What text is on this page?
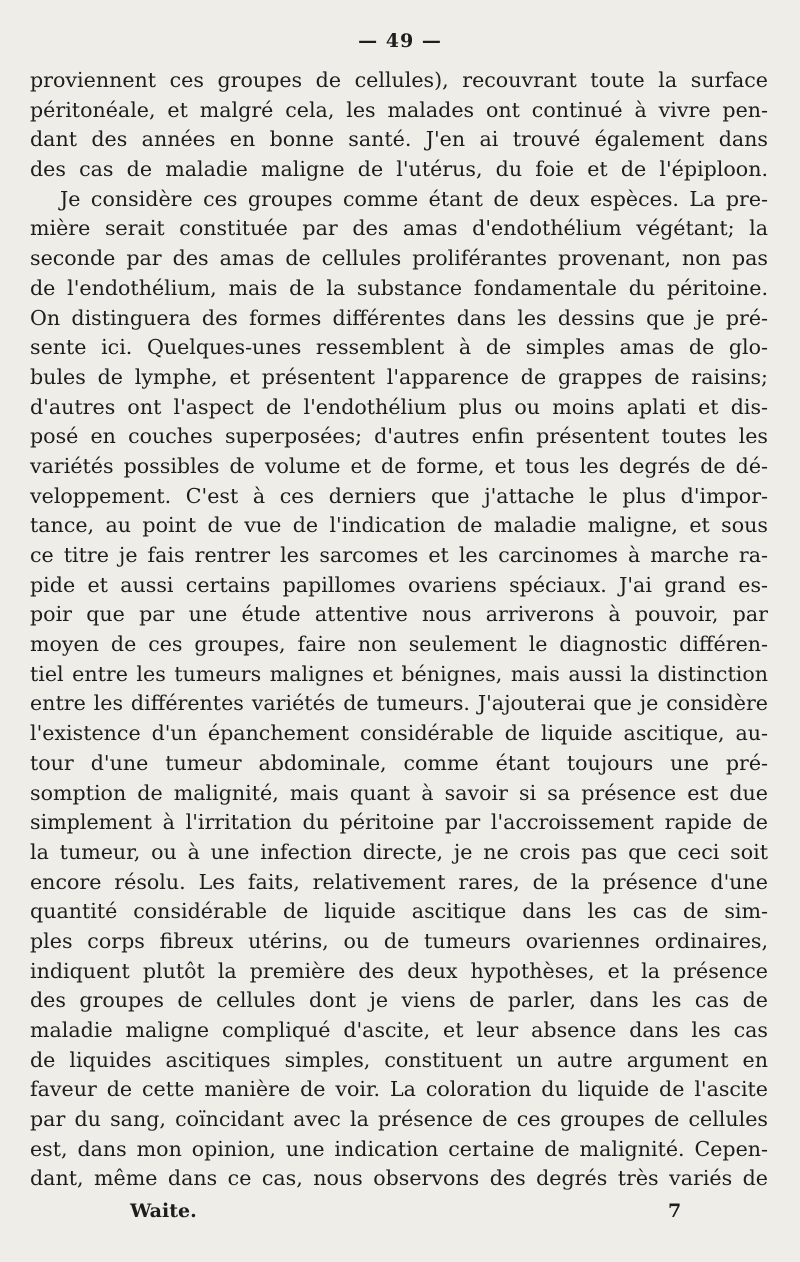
— 49 —
proviennent ces groupes de cellules), recouvrant toute la surface
péritonéale, et malgré cela, les malades ont continué à vivre pen-
dant des années en bonne santé. J'en ai trouvé également dans
des cas de maladie maligne de l'utérus, du foie et de l'épiploon.
Je considère ces groupes comme étant de deux espèces. La pre-
mière serait constituée par des amas d'endothélium végétant; la
seconde par des amas de cellules proliférantes provenant, non pas
de l'endothélium, mais de la substance fondamentale du péritoine.
On distinguera des formes différentes dans les dessins que je pré-
sente ici. Quelques-unes ressemblent à de simples amas de glo-
bules de lymphe, et présentent l'apparence de grappes de raisins;
d'autres ont l'aspect de l'endothélium plus ou moins aplati et dis-
posé en couches superposées; d'autres enfin présentent toutes les
variétés possibles de volume et de forme, et tous les degrés de dé-
veloppement. C'est à ces derniers que j'attache le plus d'impor-
tance, au point de vue de l'indication de maladie maligne, et sous
ce titre je fais rentrer les sarcomes et les carcinomes à marche ra-
pide et aussi certains papillomes ovariens spéciaux. J'ai grand es-
poir que par une étude attentive nous arriverons à pouvoir, par
moyen de ces groupes, faire non seulement le diagnostic différen-
tiel entre les tumeurs malignes et bénignes, mais aussi la distinction
entre les différentes variétés de tumeurs. J'ajouterai que je considère
l'existence d'un épanchement considérable de liquide ascitique, au-
tour d'une tumeur abdominale, comme étant toujours une pré-
somption de malignité, mais quant à savoir si sa présence est due
simplement à l'irritation du péritoine par l'accroissement rapide de
la tumeur, ou à une infection directe, je ne crois pas que ceci soit
encore résolu. Les faits, relativement rares, de la présence d'une
quantité considérable de liquide ascitique dans les cas de sim-
ples corps fibreux utérins, ou de tumeurs ovariennes ordinaires,
indiquent plutôt la première des deux hypothèses, et la présence
des groupes de cellules dont je viens de parler, dans les cas de
maladie maligne compliqué d'ascite, et leur absence dans les cas
de liquides ascitiques simples, constituent un autre argument en
faveur de cette manière de voir. La coloration du liquide de l'ascite
par du sang, coïncidant avec la présence de ces groupes de cellules
est, dans mon opinion, une indication certaine de malignité. Cepen-
dant, même dans ce cas, nous observons des degrés très variés de
Waite.	7
